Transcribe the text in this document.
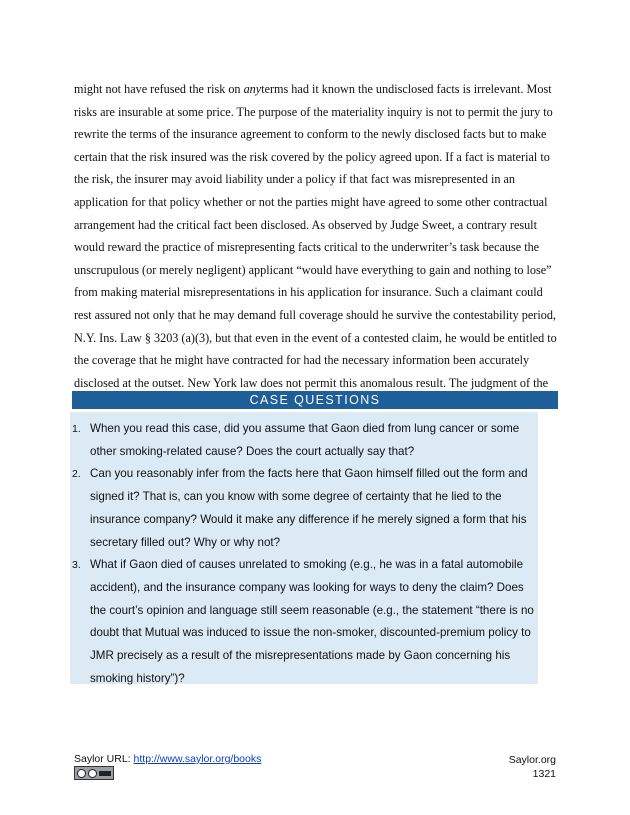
might not have refused the risk on anyterms had it known the undisclosed facts is irrelevant. Most risks are insurable at some price. The purpose of the materiality inquiry is not to permit the jury to rewrite the terms of the insurance agreement to conform to the newly disclosed facts but to make certain that the risk insured was the risk covered by the policy agreed upon. If a fact is material to the risk, the insurer may avoid liability under a policy if that fact was misrepresented in an application for that policy whether or not the parties might have agreed to some other contractual arrangement had the critical fact been disclosed. As observed by Judge Sweet, a contrary result would reward the practice of misrepresenting facts critical to the underwriter’s task because the unscrupulous (or merely negligent) applicant “would have everything to gain and nothing to lose” from making material misrepresentations in his application for insurance. Such a claimant could rest assured not only that he may demand full coverage should he survive the contestability period, N.Y. Ins. Law § 3203 (a)(3), but that even in the event of a contested claim, he would be entitled to the coverage that he might have contracted for had the necessary information been accurately disclosed at the outset. New York law does not permit this anomalous result. The judgment of the

CASE QUESTIONS
1. When you read this case, did you assume that Gaon died from lung cancer or some other smoking-related cause? Does the court actually say that?
2. Can you reasonably infer from the facts here that Gaon himself filled out the form and signed it? That is, can you know with some degree of certainty that he lied to the insurance company? Would it make any difference if he merely signed a form that his secretary filled out? Why or why not?
3. What if Gaon died of causes unrelated to smoking (e.g., he was in a fatal automobile accident), and the insurance company was looking for ways to deny the claim? Does the court’s opinion and language still seem reasonable (e.g., the statement “there is no doubt that Mutual was induced to issue the non-smoker, discounted-premium policy to JMR precisely as a result of the misrepresentations made by Gaon concerning his smoking history”)?
Saylor URL: http://www.saylor.org/books	Saylor.org
1321
